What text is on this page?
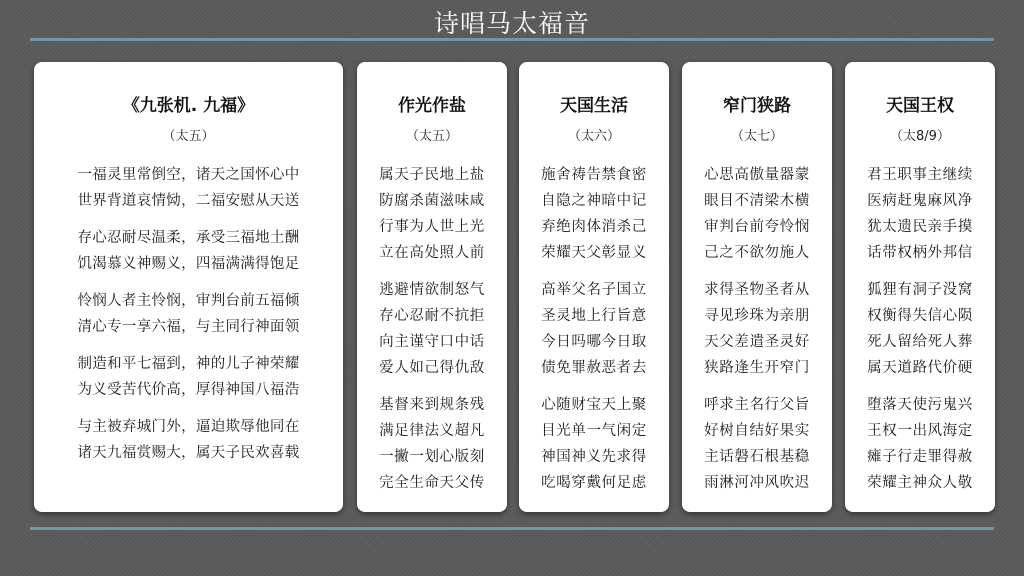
诗唱马太福音
《九张机. 九福》
（太五）
一福灵里常倒空，诸天之国怀心中
世界背道哀情恸，二福安慰从天送
存心忍耐尽温柔，承受三福地土酬
饥渴慕义神赐义，四福满满得饱足
怜悯人者主怜悯，审判台前五福倾
清心专一享六福，与主同行神面领
制造和平七福到，神的儿子神荣耀
为义受苦代价高，厚得神国八福浩
与主被弃城门外，逼迫欺辱他同在
诸天九福赏赐大，属天子民欢喜载
作光作盐
（太五）
属天子民地上盐
防腐杀菌滋味咸
行事为人世上光
立在高处照人前
逃避情欲制怒气
存心忍耐不抗拒
向主谨守口中话
爱人如己得仇敌
基督来到规条残
满足律法义超凡
一撇一划心版刻
完全生命天父传
天国生活
（太六）
施舍祷告禁食密
自隐之神暗中记
弃绝肉体消杀己
荣耀天父彰显义
高举父名子国立
圣灵地上行旨意
今日吗哪今日取
债免罪赦恶者去
心随财宝天上聚
目光单一气闲定
神国神义先求得
吃喝穿戴何足虑
窄门狭路
（太七）
心思高傲量器蒙
眼目不清梁木横
审判台前夸怜悯
己之不欲勿施人
求得圣物圣者从
寻见珍珠为亲朋
天父差遣圣灵好
狭路逢生开窄门
呼求主名行父旨
好树自结好果实
主话磐石根基稳
雨淋河冲风吹迟
天国王权
（太8/9）
君王职事主继续
医病赶鬼麻风净
犹太遗民亲手摸
话带权柄外邦信
狐狸有洞子没窝
权衡得失信心陨
死人留给死人葬
属天道路代价硬
堕落天使污鬼兴
王权一出风海定
瘫子行走罪得赦
荣耀主神众人敬
